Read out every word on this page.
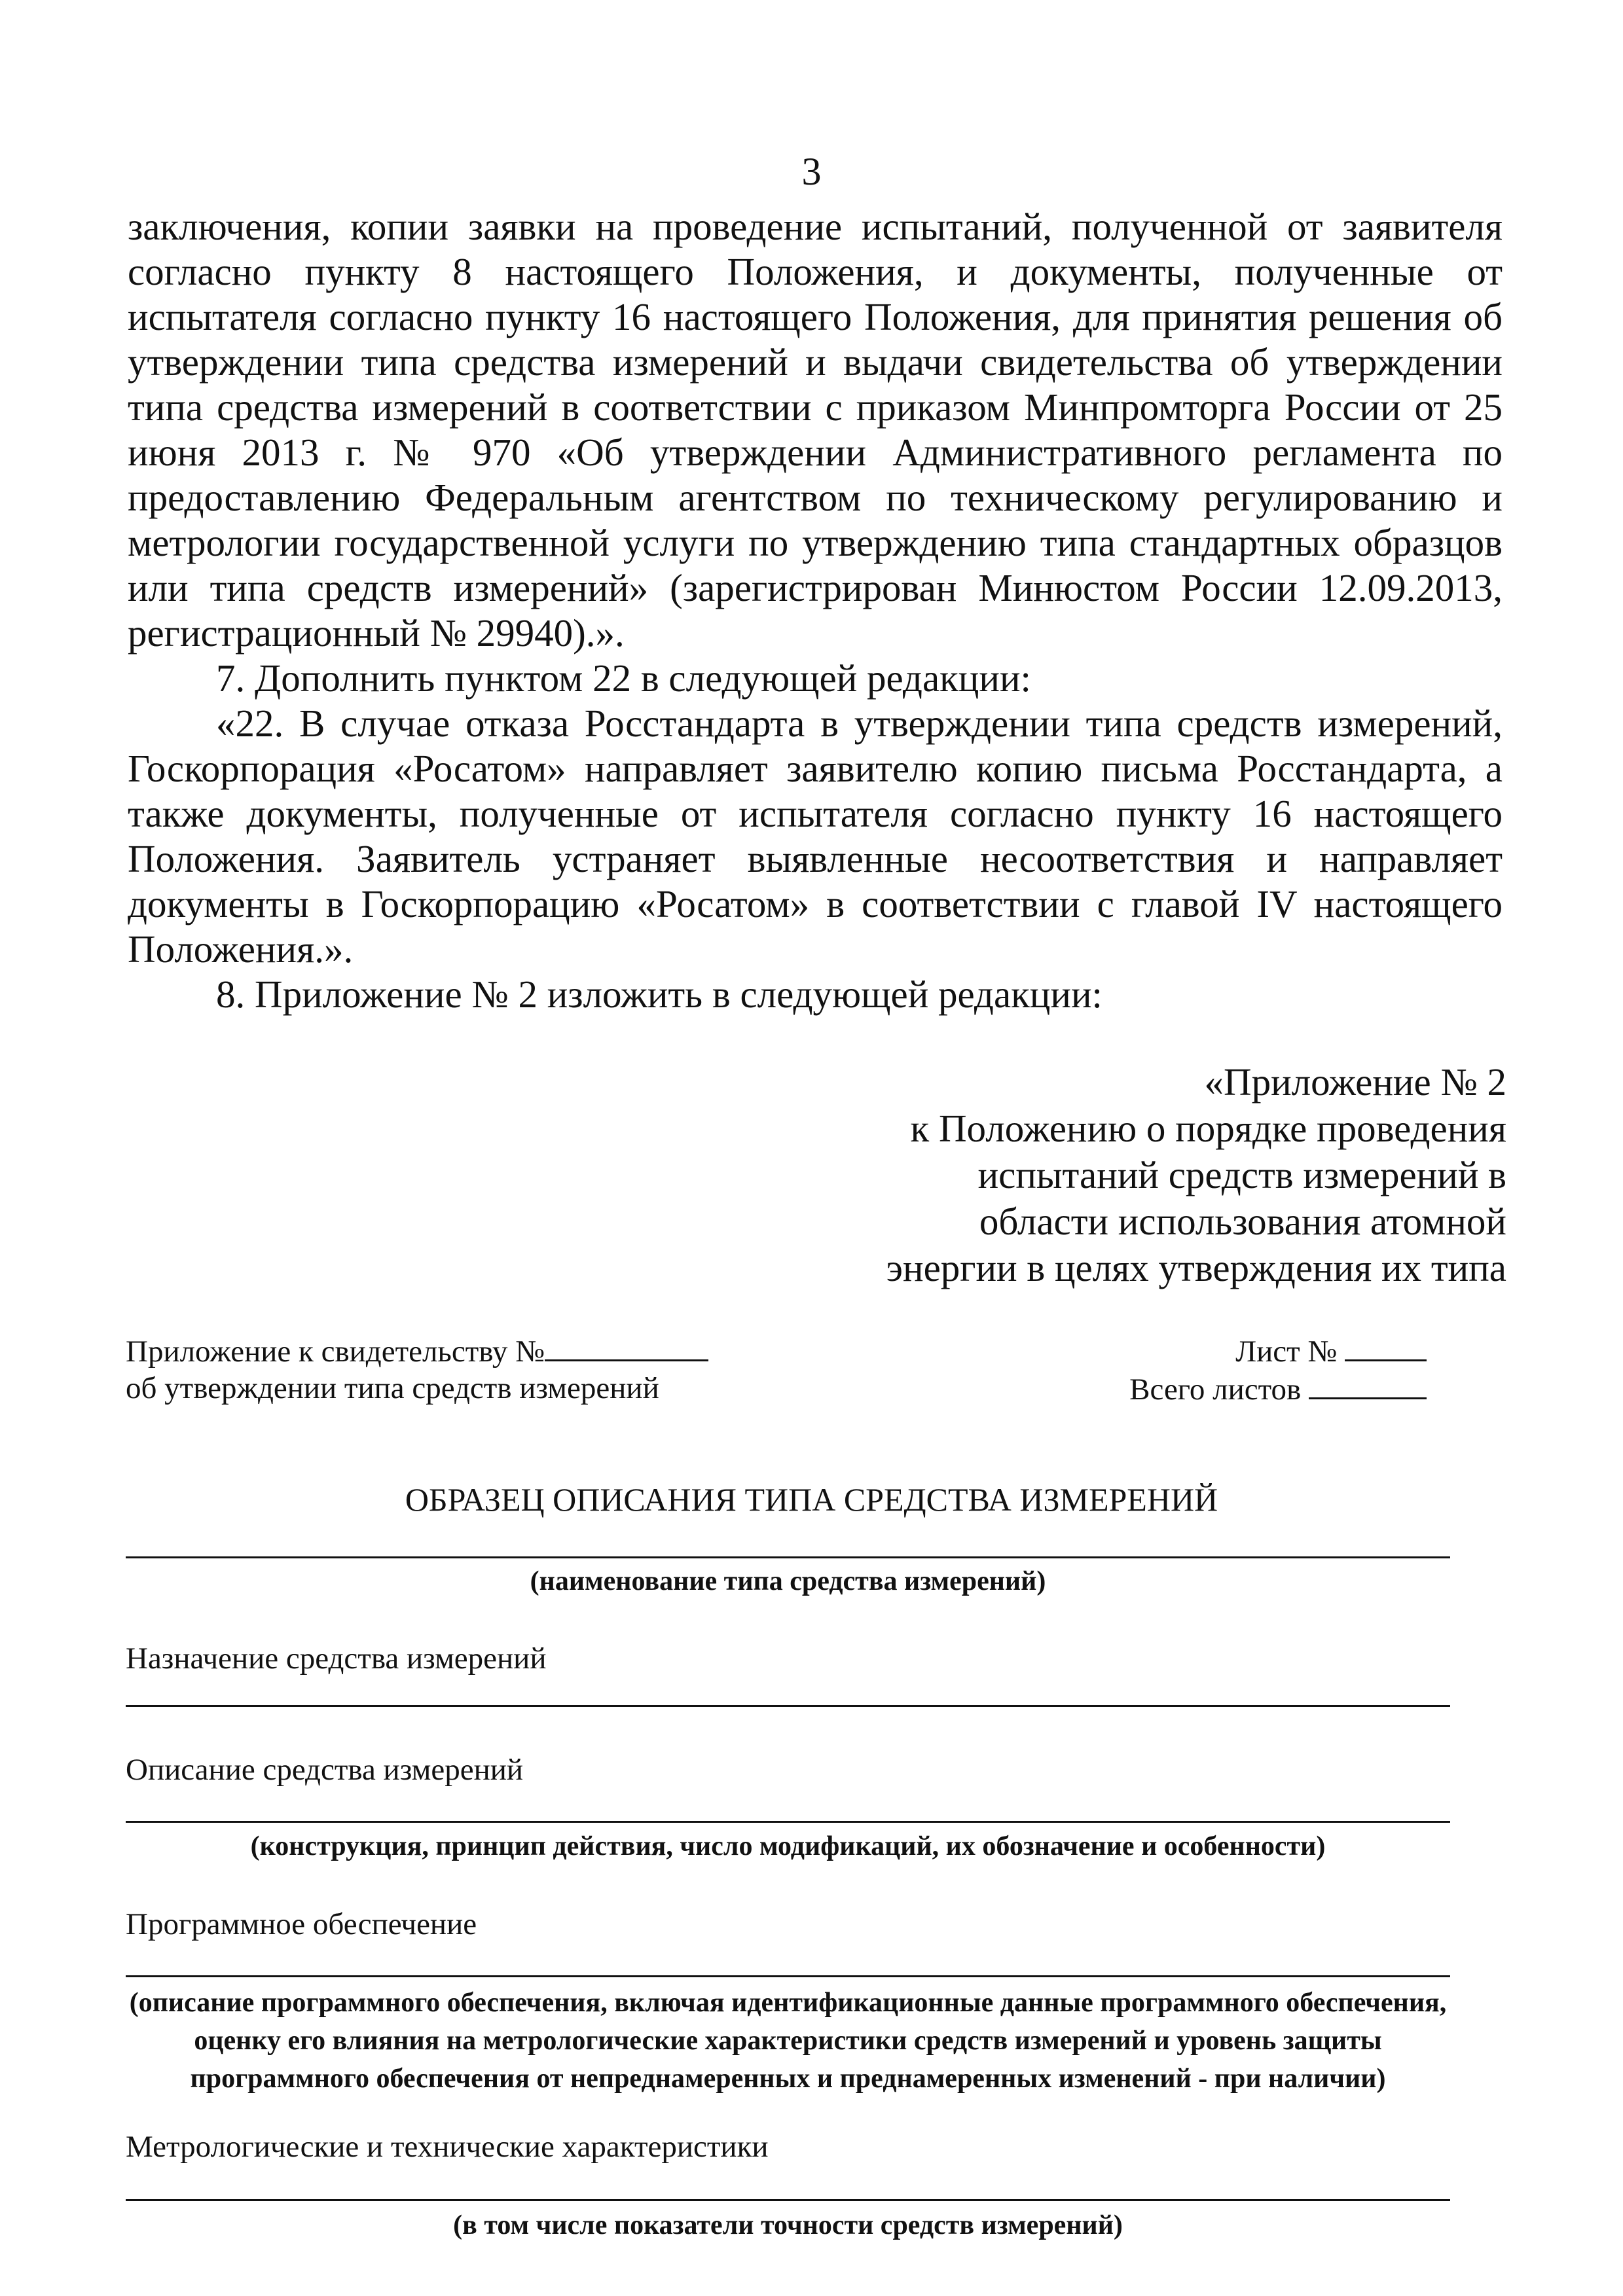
3

заключения, копии заявки на проведение испытаний, полученной от заявителя согласно пункту 8 настоящего Положения, и документы, полученные от испытателя согласно пункту 16 настоящего Положения, для принятия решения об утверждении типа средства измерений и выдачи свидетельства об утверждении типа средства измерений в соответствии с приказом Минпромторга России от 25 июня 2013 г. № 970 «Об утверждении Административного регламента по предоставлению Федеральным агентством по техническому регулированию и метрологии государственной услуги по утверждению типа стандартных образцов или типа средств измерений» (зарегистрирован Минюстом России 12.09.2013, регистрационный № 29940).».

7. Дополнить пунктом 22 в следующей редакции:

«22. В случае отказа Росстандарта в утверждении типа средств измерений, Госкорпорация «Росатом» направляет заявителю копию письма Росстандарта, а также документы, полученные от испытателя согласно пункту 16 настоящего Положения. Заявитель устраняет выявленные несоответствия и направляет документы в Госкорпорацию «Росатом» в соответствии с главой IV настоящего Положения.».

8. Приложение № 2 изложить в следующей редакции:

«Приложение № 2

к Положению о порядке проведения

испытаний средств измерений в

области использования атомной

энергии в целях утверждения их типа

Приложение к свидетельству №
об утверждении типа средств измерений
Лист №
Всего листов
ОБРАЗЕЦ ОПИСАНИЯ ТИПА СРЕДСТВА ИЗМЕРЕНИЙ
(наименование типа средства измерений)
Назначение средства измерений
Описание средства измерений
(конструкция, принцип действия, число модификаций, их обозначение и особенности)
Программное обеспечение
(описание программного обеспечения, включая идентификационные данные программного обеспечения,
оценку его влияния на метрологические характеристики средств измерений и уровень защиты
программного обеспечения от непреднамеренных и преднамеренных изменений - при наличии)
Метрологические и технические характеристики
(в том числе показатели точности средств измерений)
